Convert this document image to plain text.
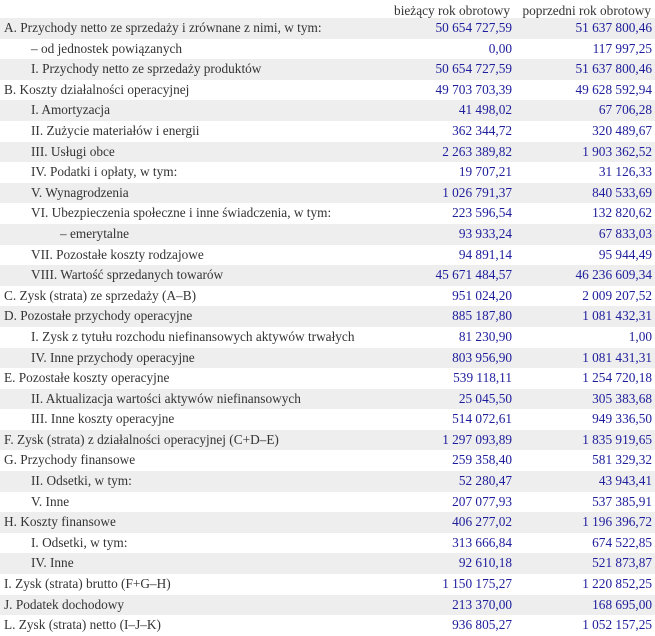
	bieżący rok obrotowy	poprzedni rok obrotowy
A. Przychody netto ze sprzedaży i zrównane z nimi, w tym:	50 654 727,59	51 637 800,46
– od jednostek powiązanych	0,00	117 997,25
I. Przychody netto ze sprzedaży produktów	50 654 727,59	51 637 800,46
B. Koszty działalności operacyjnej	49 703 703,39	49 628 592,94
I. Amortyzacja	41 498,02	67 706,28
II. Zużycie materiałów i energii	362 344,72	320 489,67
III. Usługi obce	2 263 389,82	1 903 362,52
IV. Podatki i opłaty, w tym:	19 707,21	31 126,33
V. Wynagrodzenia	1 026 791,37	840 533,69
VI. Ubezpieczenia społeczne i inne świadczenia, w tym:	223 596,54	132 820,62
– emerytalne	93 933,24	67 833,03
VII. Pozostałe koszty rodzajowe	94 891,14	95 944,49
VIII. Wartość sprzedanych towarów	45 671 484,57	46 236 609,34
C. Zysk (strata) ze sprzedaży (A–B)	951 024,20	2 009 207,52
D. Pozostałe przychody operacyjne	885 187,80	1 081 432,31
I. Zysk z tytułu rozchodu niefinansowych aktywów trwałych	81 230,90	1,00
IV. Inne przychody operacyjne	803 956,90	1 081 431,31
E. Pozostałe koszty operacyjne	539 118,11	1 254 720,18
II. Aktualizacja wartości aktywów niefinansowych	25 045,50	305 383,68
III. Inne koszty operacyjne	514 072,61	949 336,50
F. Zysk (strata) z działalności operacyjnej (C+D–E)	1 297 093,89	1 835 919,65
G. Przychody finansowe	259 358,40	581 329,32
II. Odsetki, w tym:	52 280,47	43 943,41
V. Inne	207 077,93	537 385,91
H. Koszty finansowe	406 277,02	1 196 396,72
I. Odsetki, w tym:	313 666,84	674 522,85
IV. Inne	92 610,18	521 873,87
I. Zysk (strata) brutto (F+G–H)	1 150 175,27	1 220 852,25
J. Podatek dochodowy	213 370,00	168 695,00
L. Zysk (strata) netto (I–J–K)	936 805,27	1 052 157,25
